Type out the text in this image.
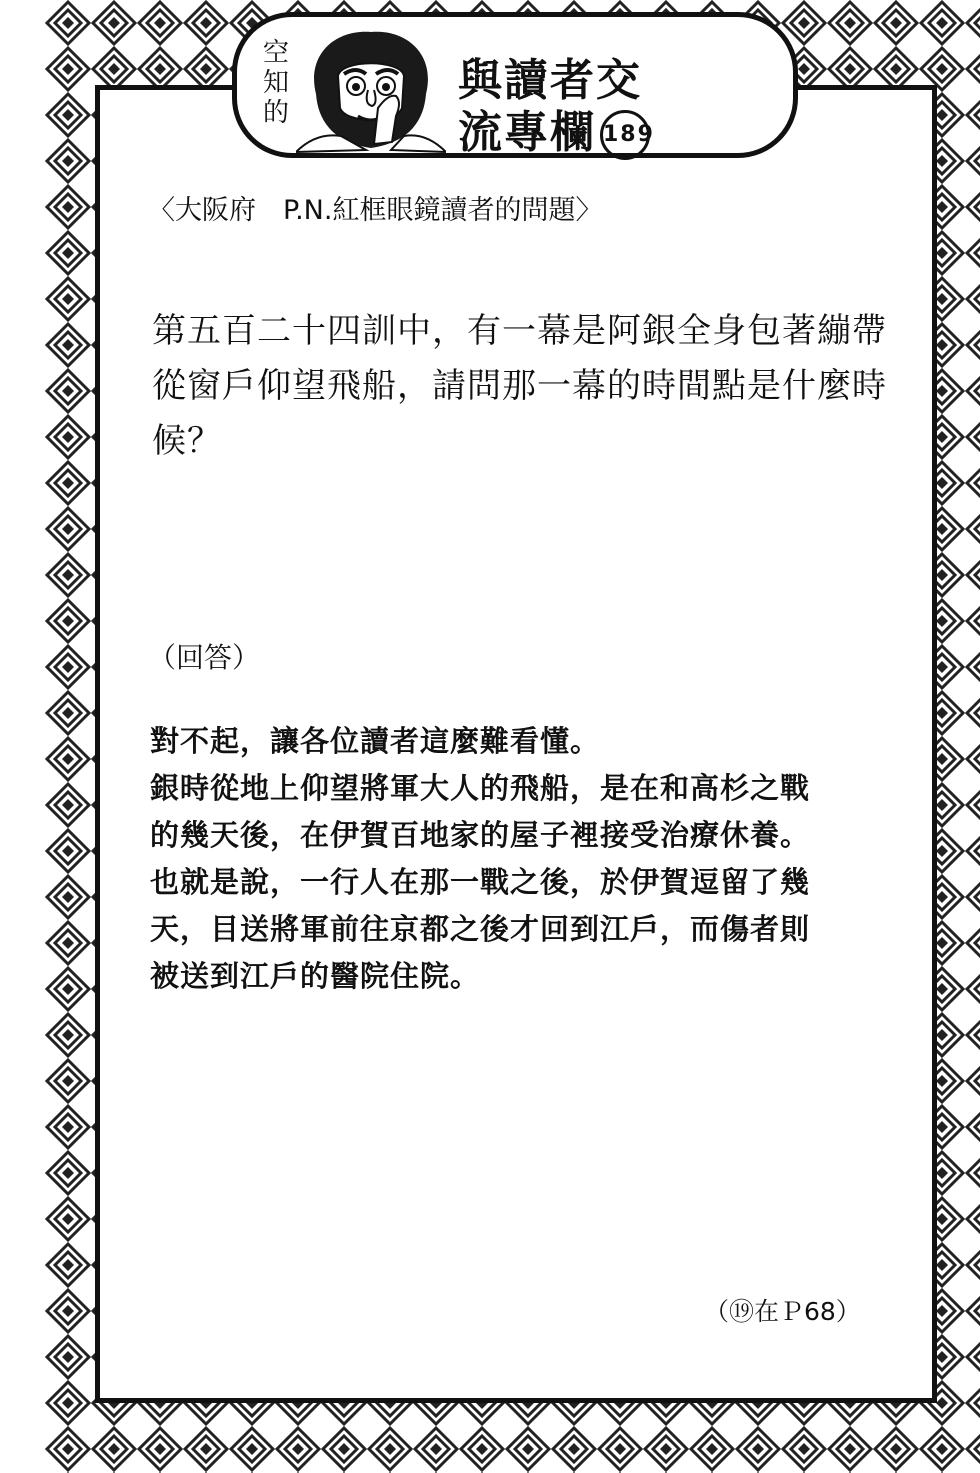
空
知
的
與讀者交
流專欄 189
〈大阪府　P.N.紅框眼鏡讀者的問題〉
第五百二十四訓中，有一幕是阿銀全身包著繃帶從窗戶仰望飛船，請問那一幕的時間點是什麼時候？
（回答）
對不起，讓各位讀者這麼難看懂。
銀時從地上仰望將軍大人的飛船，是在和高杉之戰
的幾天後，在伊賀百地家的屋子裡接受治療休養。
也就是說，一行人在那一戰之後，於伊賀逗留了幾
天，目送將軍前往京都之後才回到江戶，而傷者則
被送到江戶的醫院住院。
（⑲在Ｐ68）
